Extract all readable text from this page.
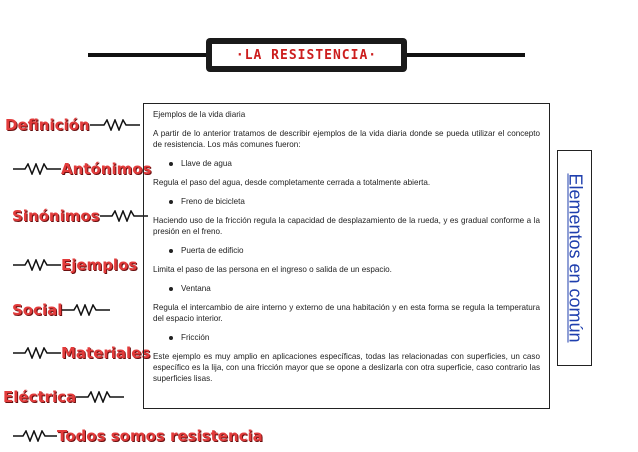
·LA RESISTENCIA·
Definición
Antónimos
Sinónimos
Ejemplos
Social
Materiales
Eléctrica
Todos somos resistencia

Ejemplos de la vida diaria

A partir de lo anterior tratamos de describir ejemplos de la vida diaria donde se pueda utilizar el concepto de resistencia. Los más comunes fueron:

Llave de agua

Regula el paso del agua, desde completamente cerrada a totalmente abierta.

Freno de bicicleta

Haciendo uso de la fricción regula la capacidad de desplazamiento de la rueda, y es gradual conforme a la presión en el freno.

Puerta de edificio

Limita el paso de las persona en el ingreso o salida de un espacio.

Ventana

Regula el intercambio de aire interno y externo de una habitación y en esta forma se regula la temperatura del espacio interior.

Fricción

Este ejemplo es muy amplio en aplicaciones específicas, todas las relacionadas con superficies, un caso específico es la lija, con una fricción mayor que se opone a deslizarla con otra superficie, caso contrario las superficies lisas.

Elementos en común
